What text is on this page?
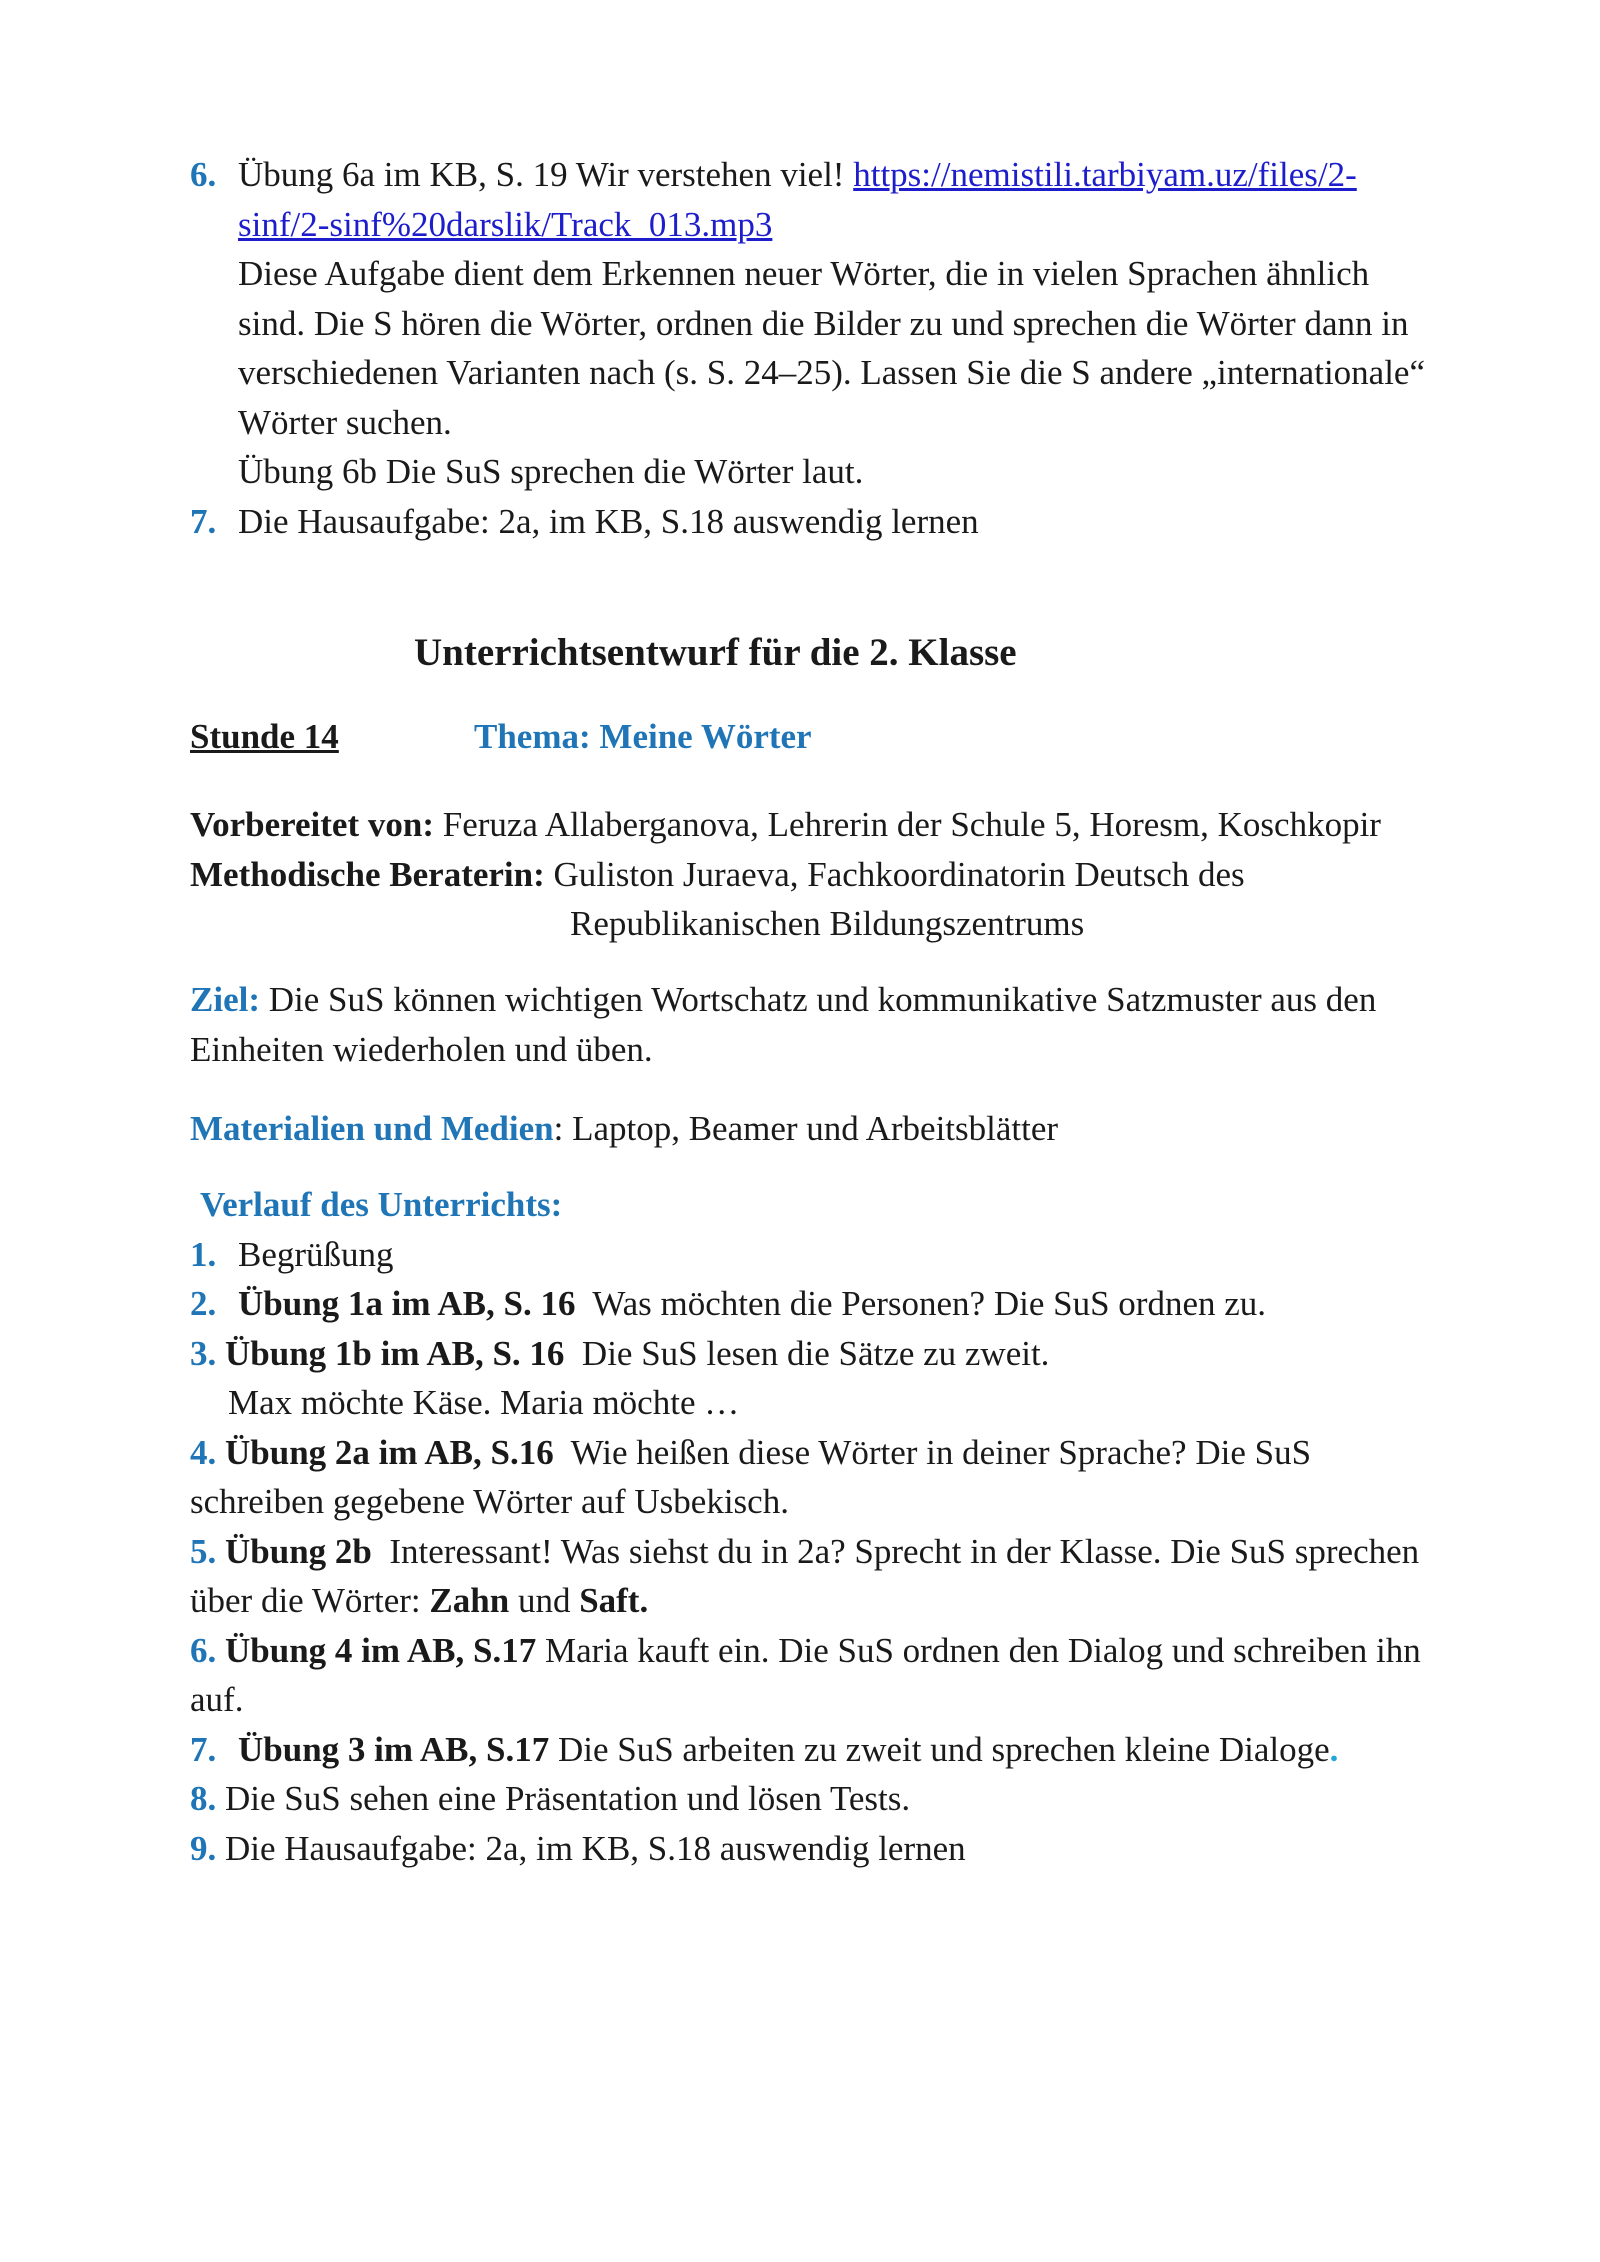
6. Übung 6a im KB, S. 19 Wir verstehen viel! https://nemistili.tarbiyam.uz/files/2-
sinf/2-sinf%20darslik/Track_013.mp3
Diese Aufgabe dient dem Erkennen neuer Wörter, die in vielen Sprachen ähnlich
sind. Die S hören die Wörter, ordnen die Bilder zu und sprechen die Wörter dann in
verschiedenen Varianten nach (s. S. 24–25). Lassen Sie die S andere „internationale“
Wörter suchen.
Übung 6b Die SuS sprechen die Wörter laut.
7. Die Hausaufgabe: 2a, im KB, S.18 auswendig lernen
Unterrichtsentwurf für die 2. Klasse
Stunde 14	Thema: Meine Wörter
Vorbereitet von: Feruza Allaberganova, Lehrerin der Schule 5, Horesm, Koschkopir
Methodische Beraterin: Guliston Juraeva, Fachkoordinatorin Deutsch des
Republikanischen Bildungszentrums
Ziel: Die SuS können wichtigen Wortschatz und kommunikative Satzmuster aus den
Einheiten wiederholen und üben.
Materialien und Medien: Laptop, Beamer und Arbeitsblätter
Verlauf des Unterrichts:
1. Begrüßung
2. Übung 1a im AB, S. 16  Was möchten die Personen? Die SuS ordnen zu.
3. Übung 1b im AB, S. 16  Die SuS lesen die Sätze zu zweit.
Max möchte Käse. Maria möchte …
4. Übung 2a im AB, S.16  Wie heißen diese Wörter in deiner Sprache? Die SuS
schreiben gegebene Wörter auf Usbekisch.
5. Übung 2b  Interessant! Was siehst du in 2a? Sprecht in der Klasse. Die SuS sprechen
über die Wörter: Zahn und Saft.
6. Übung 4 im AB, S.17 Maria kauft ein. Die SuS ordnen den Dialog und schreiben ihn
auf.
7. Übung 3 im AB, S.17 Die SuS arbeiten zu zweit und sprechen kleine Dialoge.
8. Die SuS sehen eine Präsentation und lösen Tests.
9. Die Hausaufgabe: 2a, im KB, S.18 auswendig lernen
